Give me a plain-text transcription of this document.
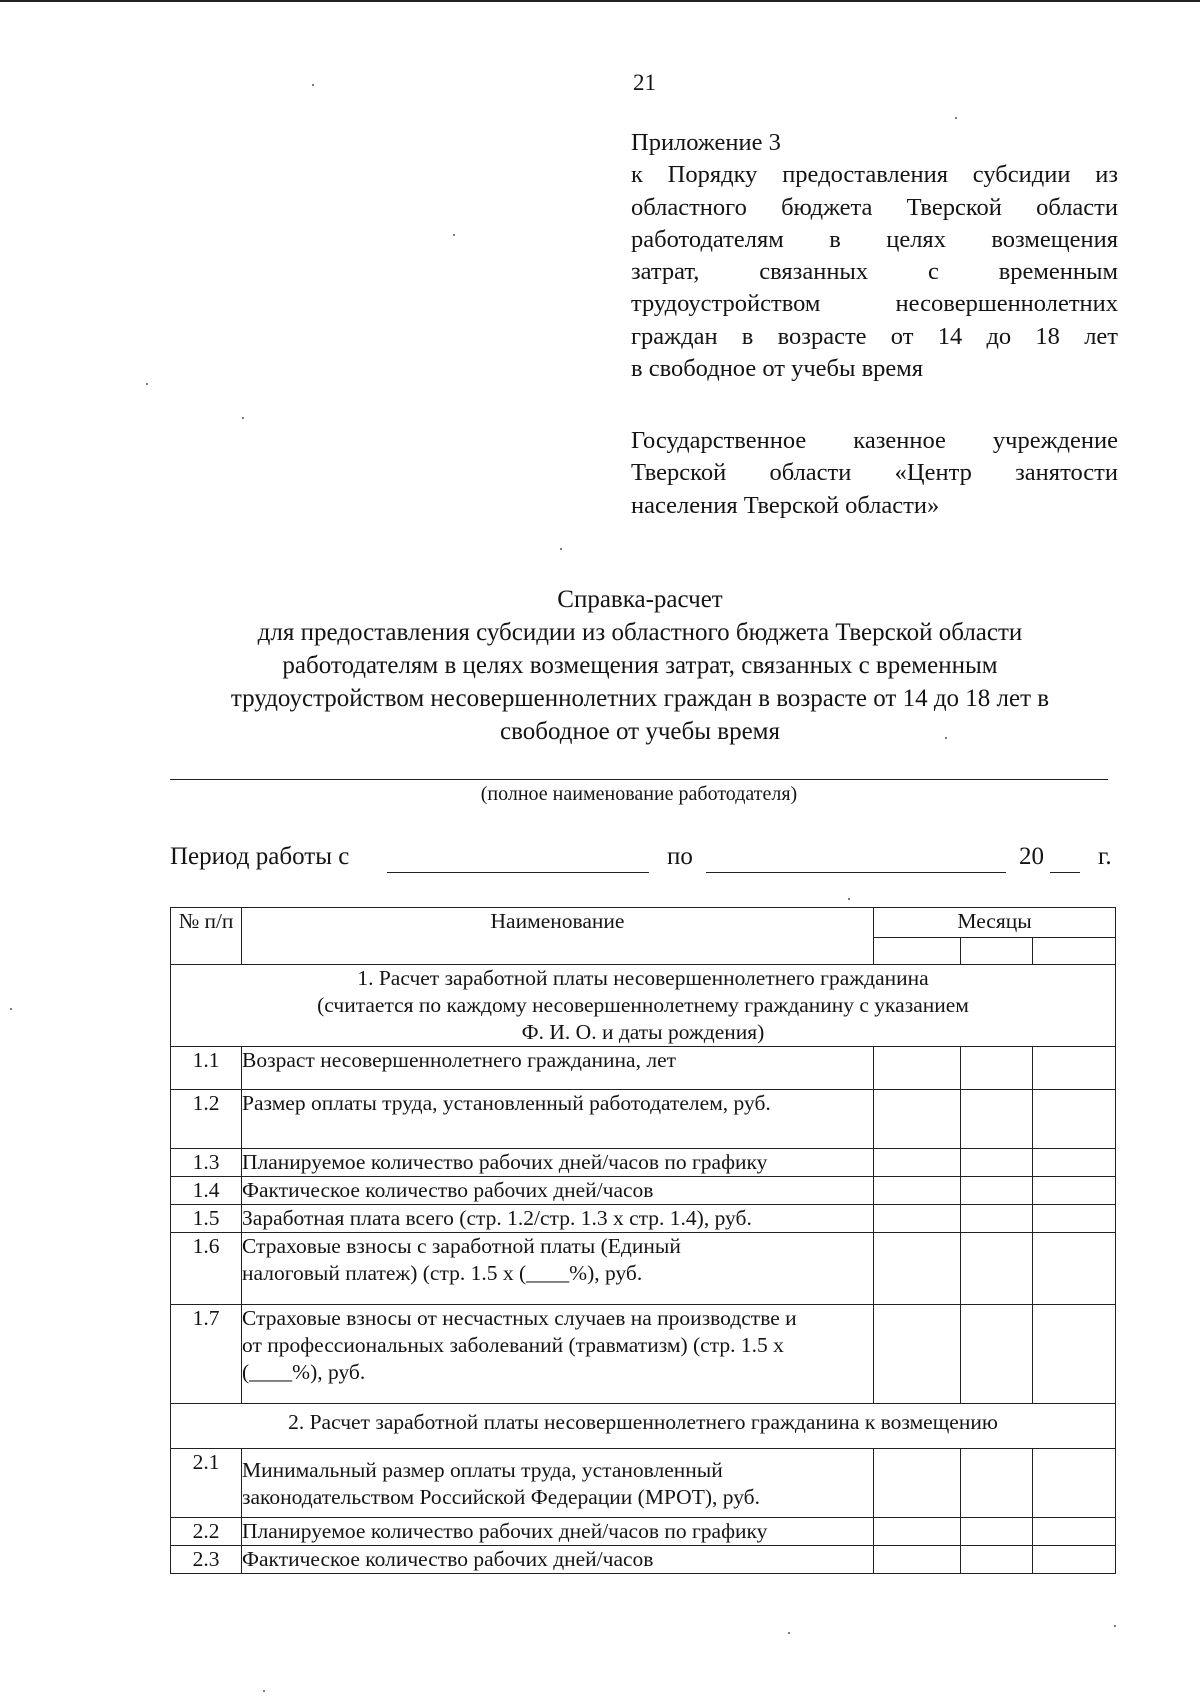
21
Приложение 3
к Порядку предоставления субсидии из
областного бюджета Тверской области
работодателям в целях возмещения
затрат, связанных с временным
трудоустройством несовершеннолетних
граждан в возрасте от 14 до 18 лет
в свободное от учебы время
Государственное казенное учреждение
Тверской области «Центр занятости
населения Тверской области»
Справка-расчет
для предоставления субсидии из областного бюджета Тверской области
работодателям в целях возмещения затрат, связанных с временным
трудоустройством несовершеннолетних граждан в возрасте от 14 до 18 лет в
свободное от учебы время
(полное наименование работодателя)
Период работы с	по	20 г.
№ п/п	Наименование	Месяцы		

1. Расчет заработной платы несовершеннолетнего гражданина
(считается по каждому несовершеннолетнему гражданину с указанием
Ф. И. О. и даты рождения)				

1.1	Возраст несовершеннолетнего гражданина, лет			
1.2	Размер оплаты труда, установленный работодателем, руб.			
1.3	Планируемое количество рабочих дней/часов по графику			
1.4	Фактическое количество рабочих дней/часов			
1.5	Заработная плата всего (стр. 1.2/стр. 1.3 х стр. 1.4), руб.			
1.6	Страховые взносы с заработной платы (Единый налоговый платеж) (стр. 1.5 х (____%), руб.			
1.7	Страховые взносы от несчастных случаев на производстве и от профессиональных заболеваний (травматизм) (стр. 1.5 х (____%), руб.			
2. Расчет заработной платы несовершеннолетнего гражданина к возмещению				
2.1	Минимальный размер оплаты труда, установленный законодательством Российской Федерации (МРОТ), руб.			
2.2	Планируемое количество рабочих дней/часов по графику			
2.3	Фактическое количество рабочих дней/часов			
